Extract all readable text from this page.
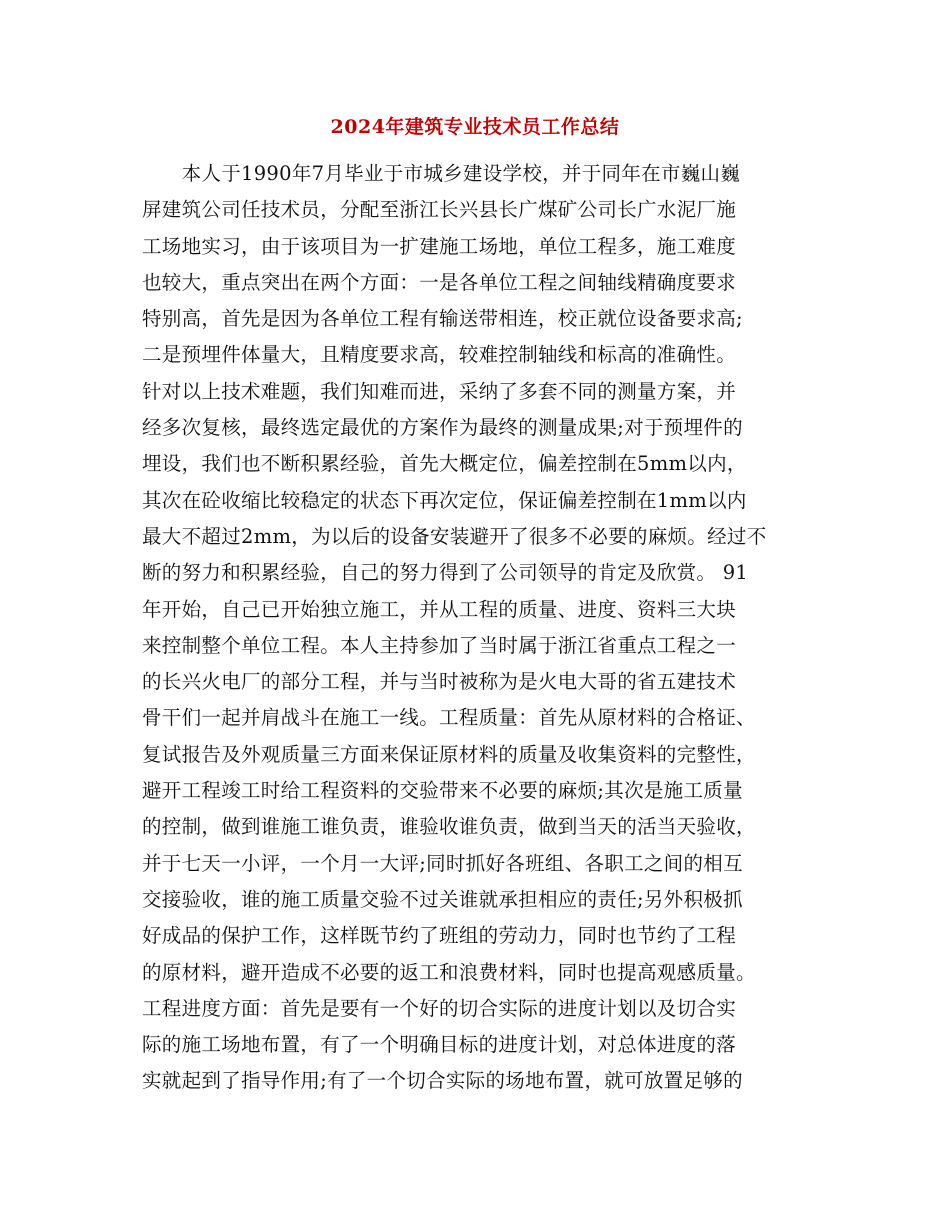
2024年建筑专业技术员工作总结
　　本人于1990年7月毕业于市城乡建设学校，并于同年在市巍山巍
屏建筑公司任技术员，分配至浙江长兴县长广煤矿公司长广水泥厂施
工场地实习，由于该项目为一扩建施工场地，单位工程多，施工难度
也较大，重点突出在两个方面：一是各单位工程之间轴线精确度要求
特别高，首先是因为各单位工程有输送带相连，校正就位设备要求高;
二是预埋件体量大，且精度要求高，较难控制轴线和标高的准确性。
针对以上技术难题，我们知难而进，采纳了多套不同的测量方案，并
经多次复核，最终选定最优的方案作为最终的测量成果;对于预埋件的
埋设，我们也不断积累经验，首先大概定位，偏差控制在5mm以内，
其次在砼收缩比较稳定的状态下再次定位，保证偏差控制在1mm以内
最大不超过2mm，为以后的设备安装避开了很多不必要的麻烦。经过不
断的努力和积累经验，自己的努力得到了公司领导的肯定及欣赏。 91
年开始，自己已开始独立施工，并从工程的质量、进度、资料三大块
来控制整个单位工程。本人主持参加了当时属于浙江省重点工程之一
的长兴火电厂的部分工程，并与当时被称为是火电大哥的省五建技术
骨干们一起并肩战斗在施工一线。工程质量：首先从原材料的合格证、
复试报告及外观质量三方面来保证原材料的质量及收集资料的完整性，
避开工程竣工时给工程资料的交验带来不必要的麻烦;其次是施工质量
的控制，做到谁施工谁负责，谁验收谁负责，做到当天的活当天验收，
并于七天一小评，一个月一大评;同时抓好各班组、各职工之间的相互
交接验收，谁的施工质量交验不过关谁就承担相应的责任;另外积极抓
好成品的保护工作，这样既节约了班组的劳动力，同时也节约了工程
的原材料，避开造成不必要的返工和浪费材料，同时也提高观感质量。
工程进度方面：首先是要有一个好的切合实际的进度计划以及切合实
际的施工场地布置，有了一个明确目标的进度计划，对总体进度的落
实就起到了指导作用;有了一个切合实际的场地布置，就可放置足够的
